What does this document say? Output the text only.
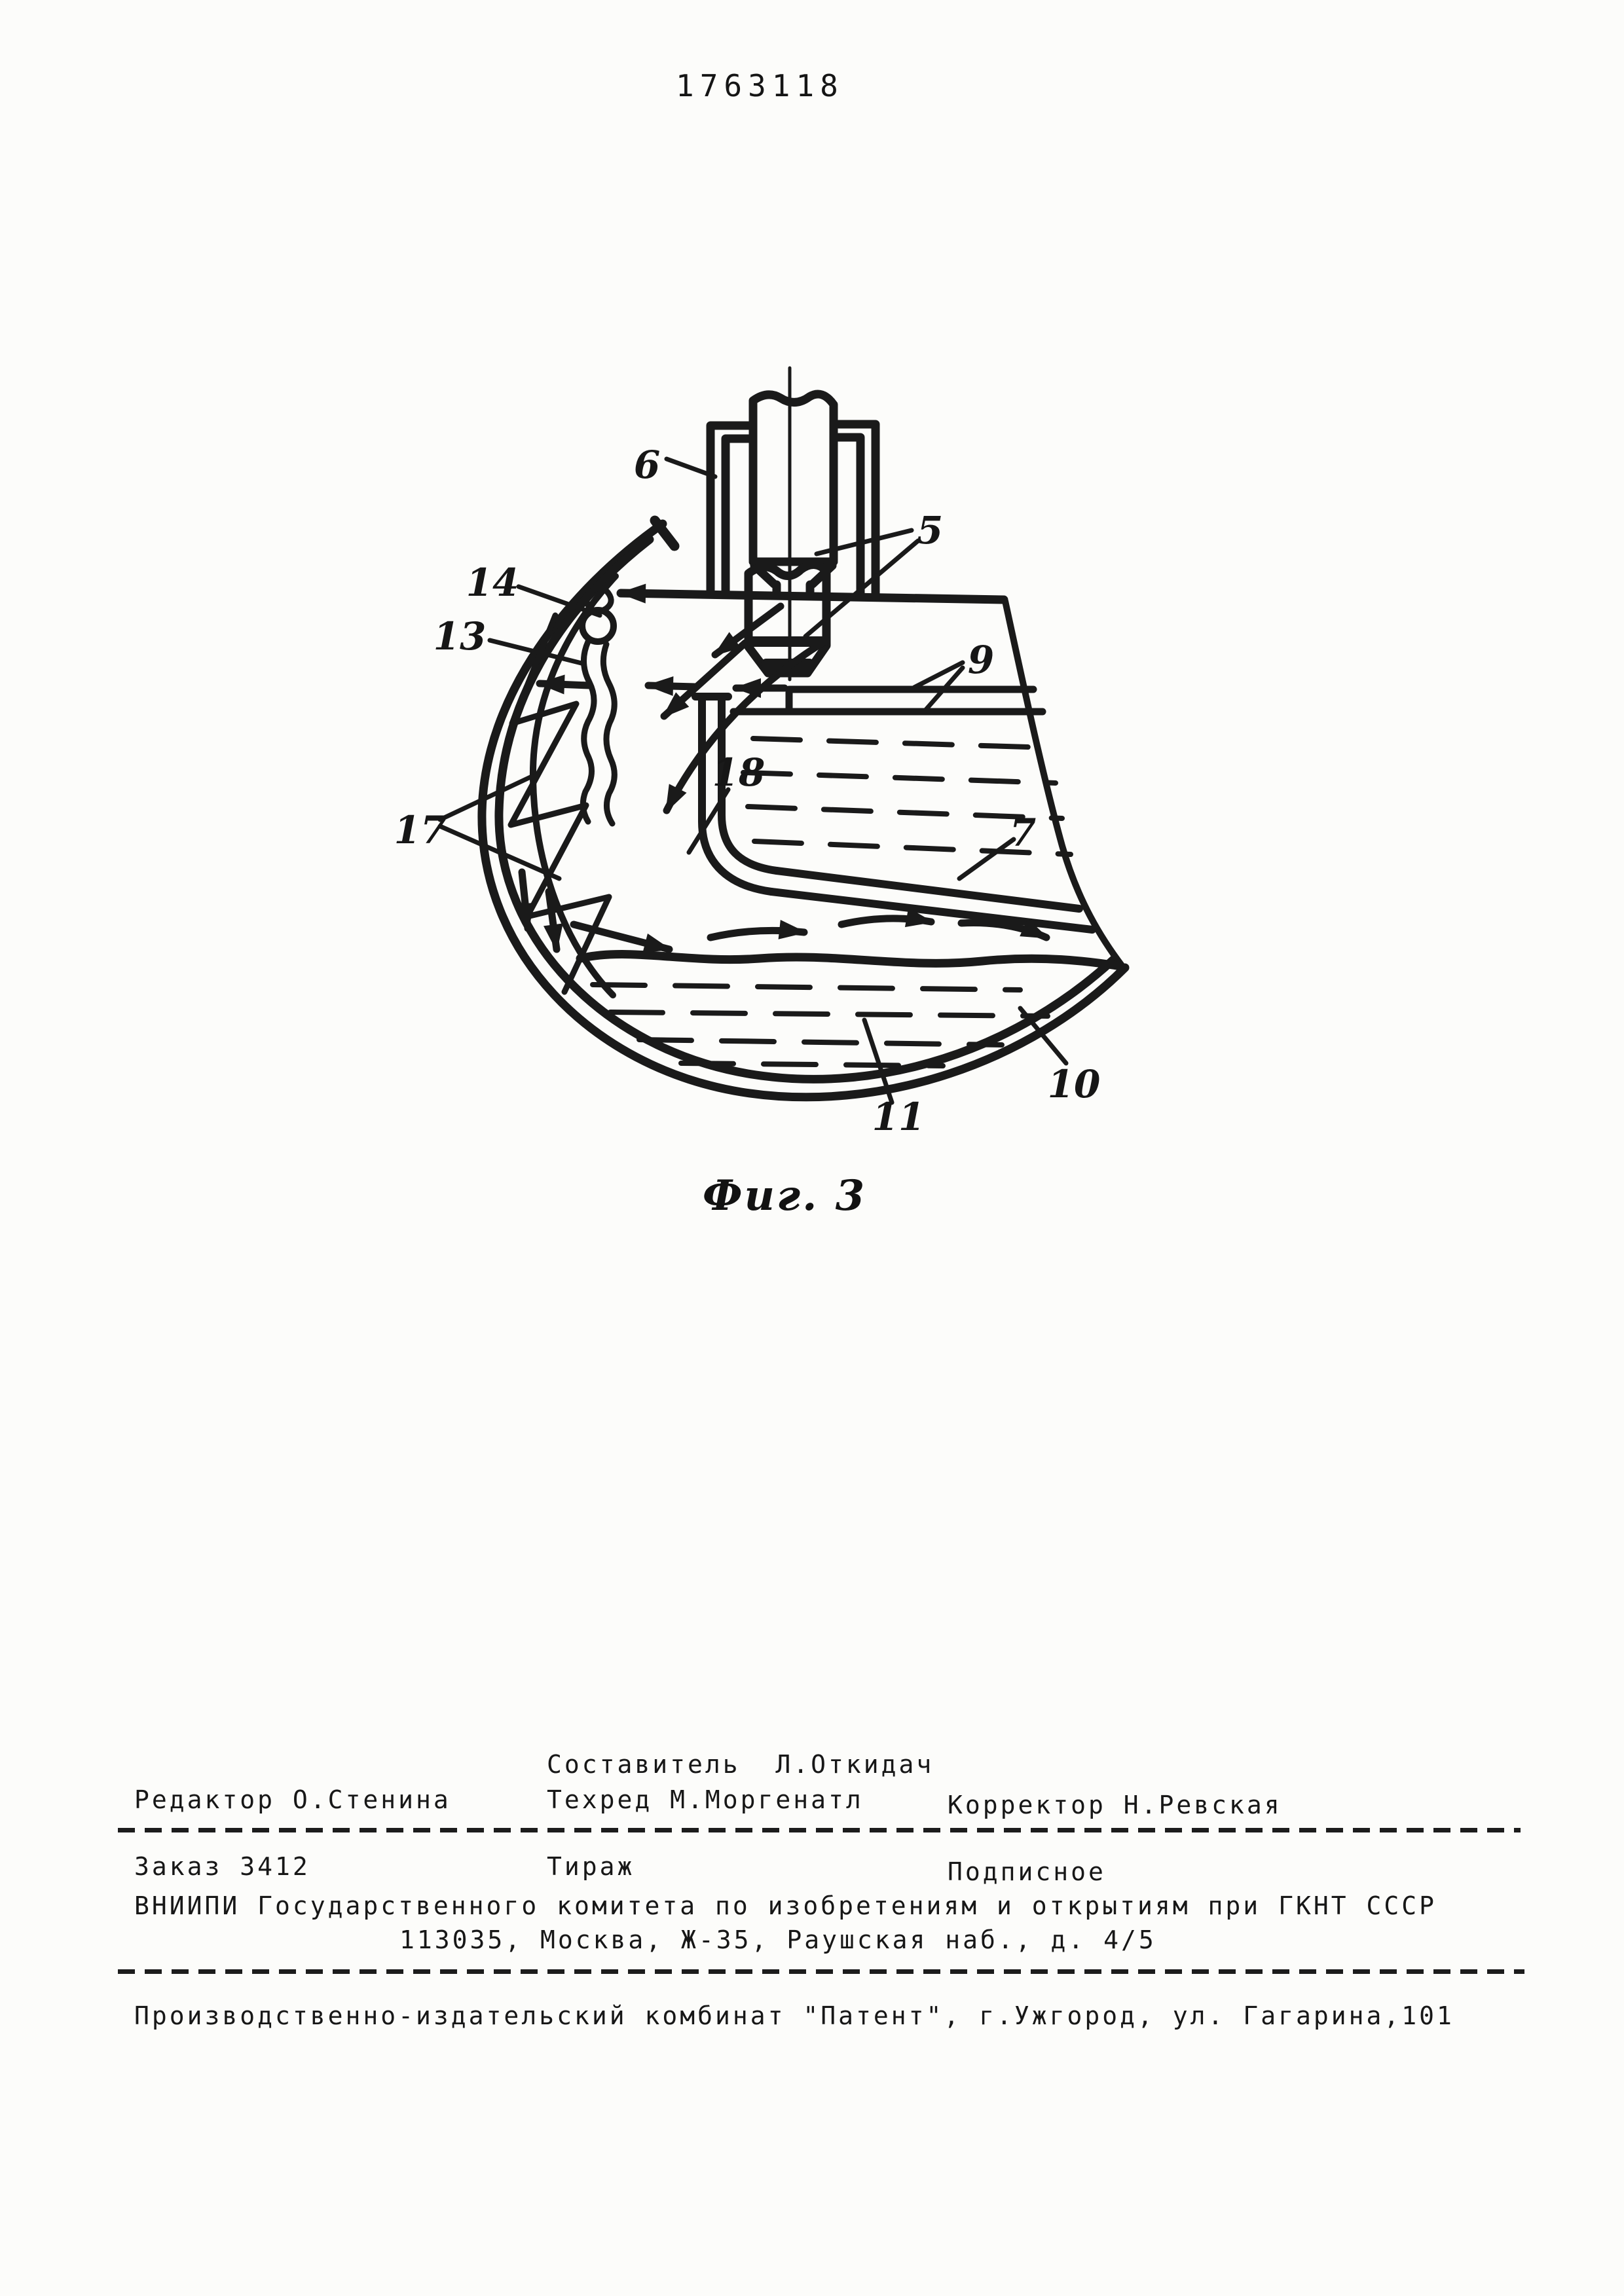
1763118
6
5
14
13
17
18
9
7
10
11
Фиг. 3
Составитель  Л.Откидач
Редактор О.Стенина	Техред М.Моргенатл	Корректор Н.Ревская
Заказ 3412	Тираж	Подписное
ВНИИПИ Государственного комитета по изобретениям и открытиям при ГКНТ СССР
113035, Москва, Ж-35, Раушская наб., д. 4/5
Производственно-издательский комбинат "Патент", г.Ужгород, ул. Гагарина,101
